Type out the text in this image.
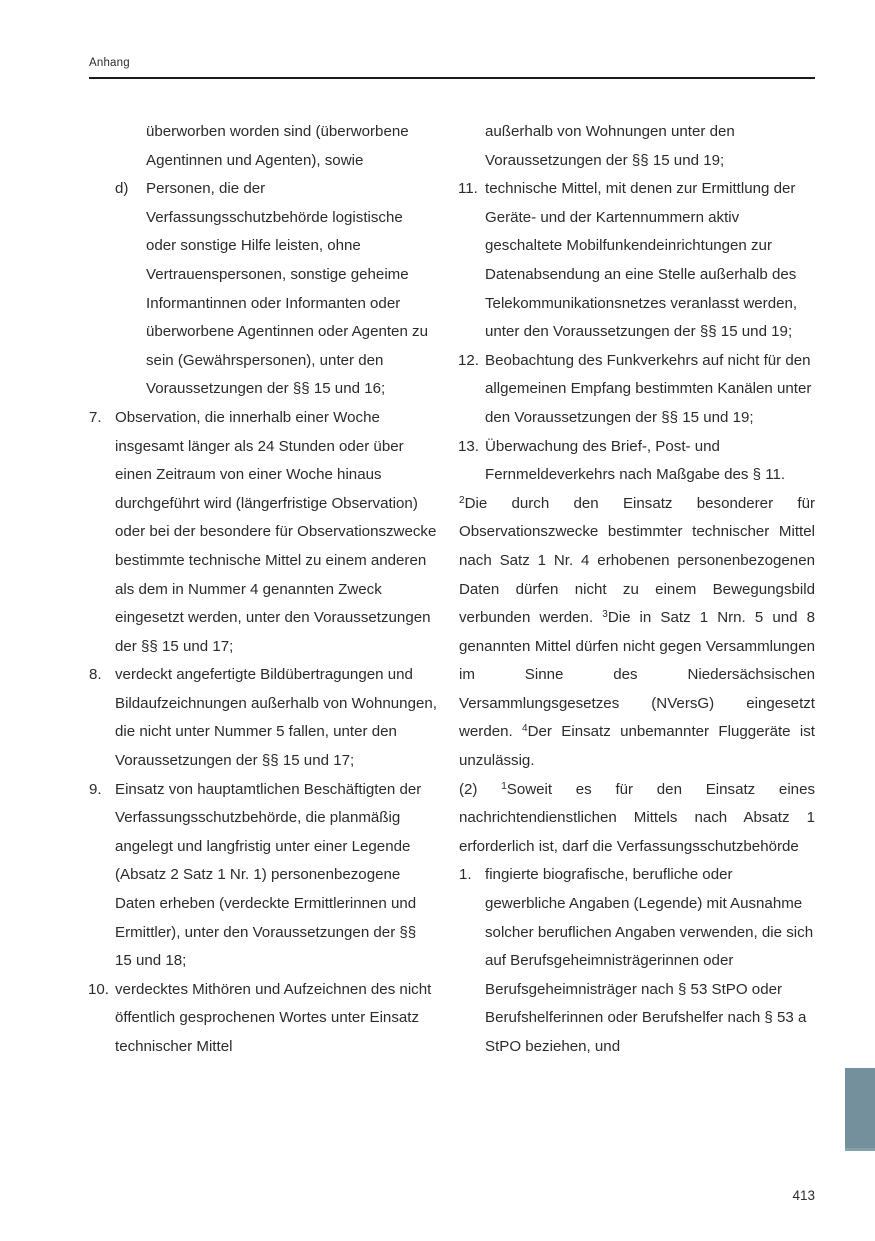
Anhang

überworben worden sind (überworbene Agentinnen und Agenten), sowie

d)	Personen, die der Verfassungsschutzbehörde logistische oder sonstige Hilfe leisten, ohne Vertrauenspersonen, sonstige geheime Informantinnen oder Informanten oder überworbene Agentinnen oder Agenten zu sein (Gewährspersonen), unter den Voraussetzungen der §§ 15 und 16;
7. Observation, die innerhalb einer Woche insgesamt länger als 24 Stunden oder über einen Zeitraum von einer Woche hinaus durchgeführt wird (längerfristige Observation) oder bei der besondere für Observationszwecke bestimmte technische Mittel zu einem anderen als dem in Nummer 4 genannten Zweck eingesetzt werden, unter den Voraussetzungen der §§ 15 und 17;
8. verdeckt angefertigte Bildübertragungen und Bildaufzeichnungen außerhalb von Wohnungen, die nicht unter Nummer 5 fallen, unter den Voraussetzungen der §§ 15 und 17;
9. Einsatz von hauptamtlichen Beschäftigten der Verfassungsschutzbehörde, die planmäßig angelegt und langfristig unter einer Legende (Absatz 2 Satz 1 Nr. 1) personenbezogene Daten erheben (verdeckte Ermittlerinnen und Ermittler), unter den Voraussetzungen der §§ 15 und 18;
10. verdecktes Mithören und Aufzeichnen des nicht öffentlich gesprochenen Wortes unter Einsatz technischer Mittel

außerhalb von Wohnungen unter den Voraussetzungen der §§ 15 und 19;

11. technische Mittel, mit denen zur Ermittlung der Geräte- und der Kartennummern aktiv geschaltete Mobilfunkendeinrichtungen zur Datenabsendung an eine Stelle außerhalb des Telekommunikationsnetzes veranlasst werden, unter den Voraussetzungen der §§ 15 und 19;
12. Beobachtung des Funkverkehrs auf nicht für den allgemeinen Empfang bestimmten Kanälen unter den Voraussetzungen der §§ 15 und 19;
13. Überwachung des Brief-, Post- und Fernmeldeverkehrs nach Maßgabe des § 11.

$^2$Die durch den Einsatz besonderer für Observationszwecke bestimmter technischer Mittel nach Satz 1 Nr. 4 erhobenen personenbezogenen Daten dürfen nicht zu einem Bewegungsbild verbunden werden. $^3$Die in Satz 1 Nrn. 5 und 8 genannten Mittel dürfen nicht gegen Versammlungen im Sinne des Niedersächsischen Versammlungsgesetzes (NVersG) eingesetzt werden. $^4$Der Einsatz unbemannter Fluggeräte ist unzulässig.

(2) $^1$Soweit es für den Einsatz eines nachrichtendienstlichen Mittels nach Absatz 1 erforderlich ist, darf die Verfassungsschutzbehörde

1. fingierte biografische, berufliche oder gewerbliche Angaben (Legende) mit Ausnahme solcher beruflichen Angaben verwenden, die sich auf Berufsgeheimnisträgerinnen oder Berufsgeheimnisträger nach § 53 StPO oder Berufshelferinnen oder Berufshelfer nach § 53 a StPO beziehen, und
413
